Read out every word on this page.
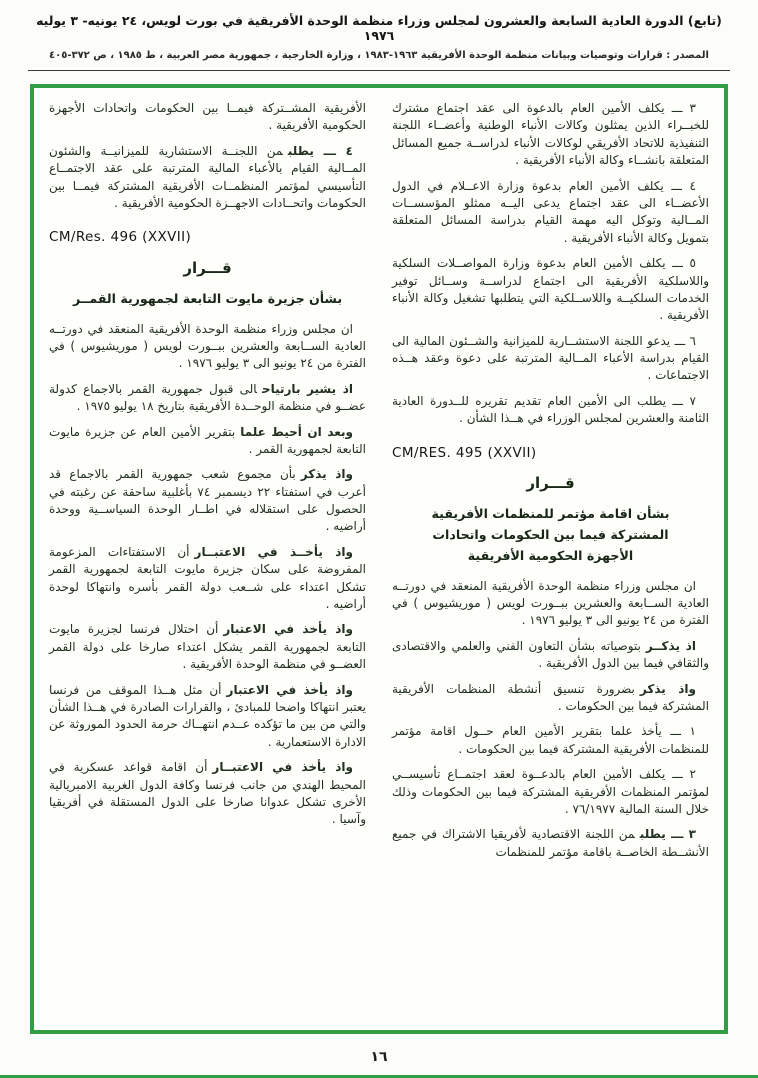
(تابع) الدورة العادية السابعة والعشرون لمجلس وزراء منظمة الوحدة الأفريقية في بورت لويس، ٢٤ يونيه- ٣ يوليه ١٩٧٦
المصدر : قرارات وتوصيات وبيانات منظمة الوحدة الأفريقية ١٩٦٣-١٩٨٣ ، وزارة الخارجية ، جمهورية مصر العربية ، ط ١٩٨٥ ، ص ٣٧٢-٤٠٥

٣ ـــ يكلف الأمين العام بالدعوة الى عقد اجتماع مشترك للخبــراء الذين يمثلون وكالات الأنباء الوطنية وأعضــاء اللجنة التنفيذية للاتحاد الأفريقي لوكالات الأنباء لدراســة جميع المسائل المتعلقة بانشــاء وكالة الأنباء الأفريقية .

٤ ـــ يكلف الأمين العام بدعوة وزارة الاعــلام في الدول الأعضــاء الى عقد اجتماع يدعى اليــه ممثلو المؤسســات المــالية وتوكل اليه مهمة القيام بدراسة المسائل المتعلقة بتمويل وكالة الأنباء الأفريقية .

٥ ـــ يكلف الأمين العام بدعوة وزارة المواصــلات السلكية واللاسلكية الأفريقية الى اجتماع لدراســة وســائل توفير الخدمات السلكيــة واللاســلكية التي يتطلبها تشغيل وكالة الأنباء الأفريقية .

٦ ـــ يدعو اللجنة الاستشــارية للميزانية والشــئون المالية الى القيام بدراسة الأعباء المــالية المترتبة على دعوة وعقد هــذه الاجتماعات .

٧ ـــ يطلب الى الأمين العام تقديم تقريره للــدورة العادية الثامنة والعشرين لمجلس الوزراء في هــذا الشأن .

CM/RES. 495 (XXVII)

قـــرار

بشأن اقامة مؤتمر للمنظمات الأفريقية

المشتركة فيما بين الحكومات واتحادات

الأجهزة الحكومية الأفريقية

ان مجلس وزراء منظمة الوحدة الأفريقية المنعقد في دورتــه العادية الســابعة والعشرين ببــورت لويس ( موريشيوس ) في الفترة من ٢٤ يونيو الى ٣ يوليو ١٩٧٦ .

اذ يذكــربتوصياته بشأن التعاون الفني والعلمي والاقتصادى والثقافي فيما بين الدول الأفريقية .

واذ يذكربضرورة تنسيق أنشطة المنظمات الأفريقية المشتركة فيما بين الحكومات .

١ ـــ يأخذ علما بتقرير الأمين العام حــول اقامة مؤتمر للمنظمات الأفريقية المشتركة فيما بين الحكومات .

٢ ـــ يكلف الأمين العام بالدعــوة لعقد اجتمــاع تأسيســي لمؤتمر المنظمات الأفريقية المشتركة فيما بين الحكومات وذلك خلال السنة المالية ٧٦/١٩٧٧ .

٣ ـــ يطلبمن اللجنة الاقتصادية لأفريقيا الاشتراك في جميع الأنشــطة الخاصــة باقامة مؤتمر للمنظمات

الأفريقية المشــتركة فيمــا بين الحكومات واتحادات الأجهزة الحكومية الأفريقية .

٤ ـــ يطلبمن اللجنــة الاستشارية للميزانيــة والشئون المــالية القيام بالأعباء المالية المترتبة على عقد الاجتمــاع التأسيسي لمؤتمر المنظمــات الأفريقية المشتركة فيمــا بين الحكومات واتحــادات الاجهــزة الحكومية الأفريقية .

CM/Res. 496 (XXVII)

قـــرار

بشأن جزيرة مايوت التابعة لجمهورية القمــر

ان مجلس وزراء منظمة الوحدة الأفريقية المنعقد في دورتــه العادية الســابعة والعشرين ببــورت لويس ( موريشيوس ) في الفترة من ٢٤ يونيو الى ٣ يوليو ١٩٧٦ .

اذ يشير بارتياحالى قبول جمهورية القمر بالاجماع كدولة عضــو في منظمة الوحــدة الأفريقية بتاريخ ١٨ يوليو ١٩٧٥ .

وبعد ان أحيط علمابتقرير الأمين العام عن جزيرة مايوت التابعة لجمهورية القمر .

واذ يذكربأن مجموع شعب جمهورية القمر بالاجماع قد أعرب في استفتاء ٢٢ ديسمبر ٧٤ بأغلبية ساحقة عن رغبته في الحصول على استقلاله في اطــار الوحدة السياســية ووحدة أراضيه .

واذ يأخــذ في الاعتبــارأن الاستفتاءات المزعومة المفروضة على سكان جزيرة مايوت التابعة لجمهورية القمر تشكل اعتداء على شــعب دولة القمر بأسره وانتهاكا لوحدة أراضيه .

واذ يأخذ في الاعتبارأن احتلال فرنسا لجزيرة مايوت التابعة لجمهورية القمر يشكل اعتداء صارخا على دولة القمر العضــو في منظمة الوحدة الأفريقية .

واذ يأخذ في الاعتبارأن مثل هــذا الموقف من فرنسا يعتبر انتهاكا واضحا للمبادئ ، والقرارات الصادرة في هــذا الشأن والتي من بين ما تؤكده عــدم انتهــاك حرمة الحدود الموروثة عن الادارة الاستعمارية .

واذ يأخذ في الاعتبــارأن اقامة قواعد عسكرية في المحيط الهندي من جانب فرنسا وكافة الدول الغربية الامبريالية الأخرى تشكل عدوانا صارخا على الدول المستقلة في أفريقيا وآسيا .

١٦
